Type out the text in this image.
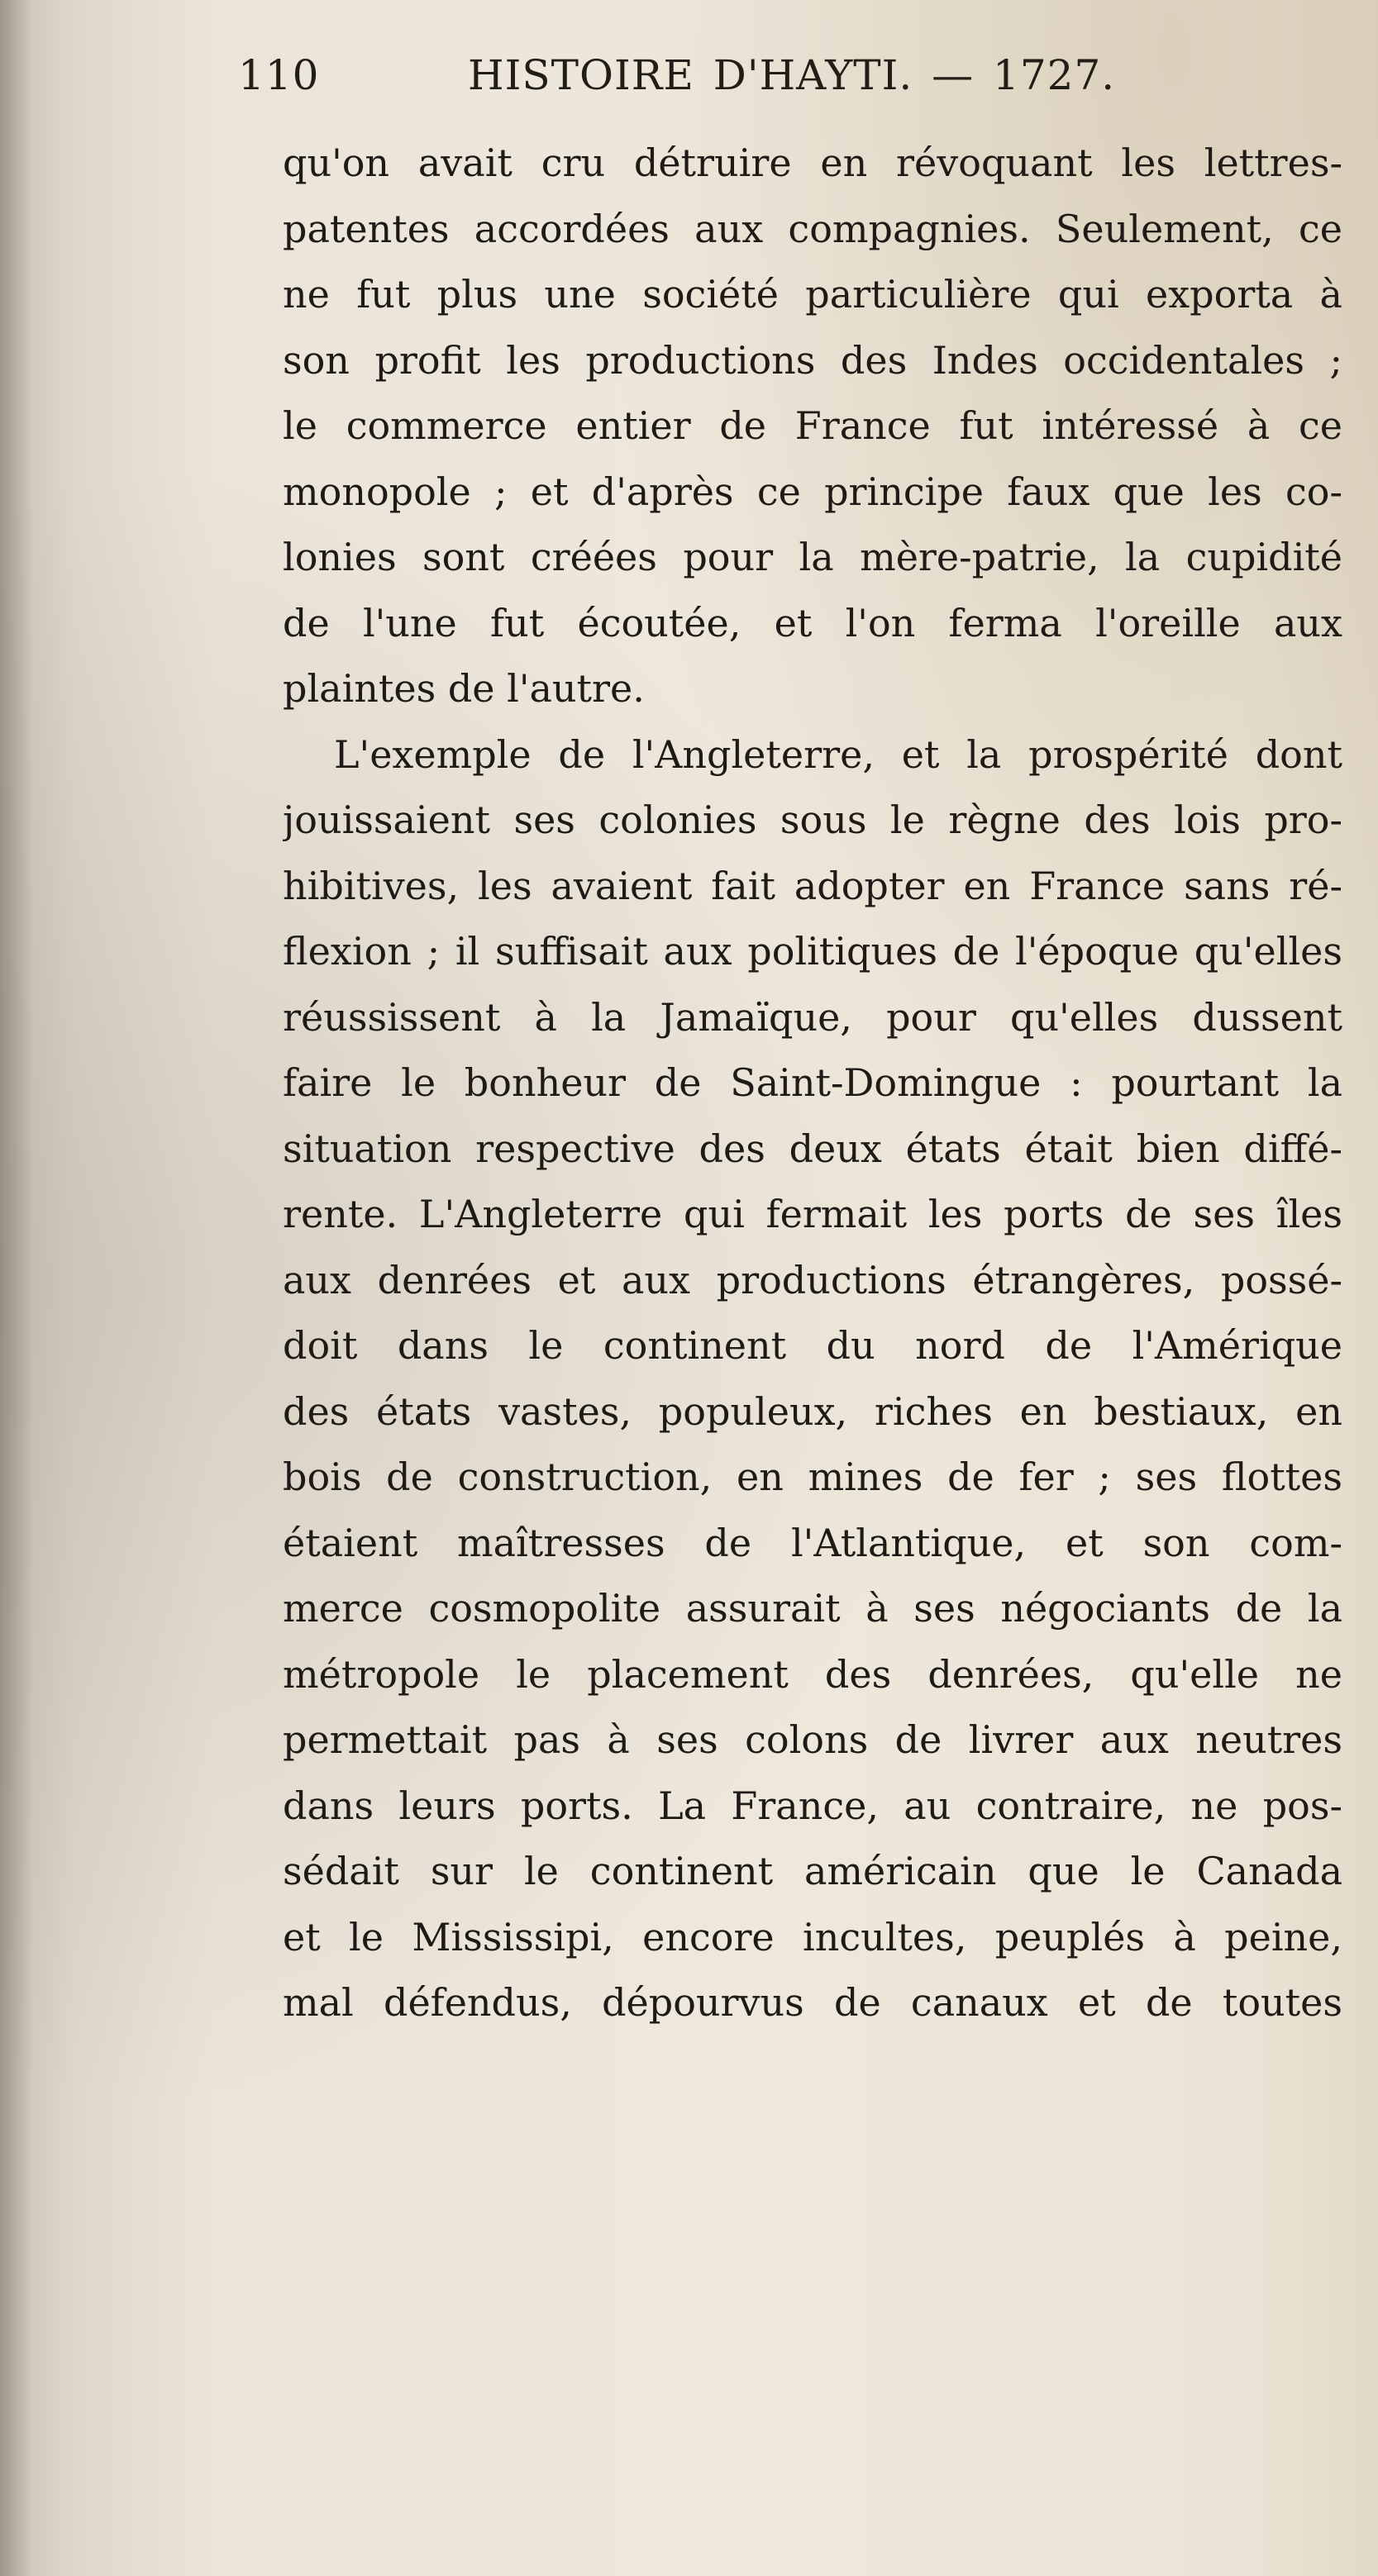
110	HISTOIRE D'HAYTI. — 1727.
qu'on avait cru détruire en révoquant les lettres-
patentes accordées aux compagnies. Seulement, ce
ne fut plus une société particulière qui exporta à
son profit les productions des Indes occidentales ;
le commerce entier de France fut intéressé à ce
monopole ; et d'après ce principe faux que les co-
lonies sont créées pour la mère-patrie, la cupidité
de l'une fut écoutée, et l'on ferma l'oreille aux
plaintes de l'autre.
L'exemple de l'Angleterre, et la prospérité dont
jouissaient ses colonies sous le règne des lois pro-
hibitives, les avaient fait adopter en France sans ré-
flexion ; il suffisait aux politiques de l'époque qu'elles
réussissent à la Jamaïque, pour qu'elles dussent
faire le bonheur de Saint-Domingue : pourtant la
situation respective des deux états était bien diffé-
rente. L'Angleterre qui fermait les ports de ses îles
aux denrées et aux productions étrangères, possé-
doit dans le continent du nord de l'Amérique
des états vastes, populeux, riches en bestiaux, en
bois de construction, en mines de fer ; ses flottes
étaient maîtresses de l'Atlantique, et son com-
merce cosmopolite assurait à ses négociants de la
métropole le placement des denrées, qu'elle ne
permettait pas à ses colons de livrer aux neutres
dans leurs ports. La France, au contraire, ne pos-
sédait sur le continent américain que le Canada
et le Mississipi, encore incultes, peuplés à peine,
mal défendus, dépourvus de canaux et de toutes
